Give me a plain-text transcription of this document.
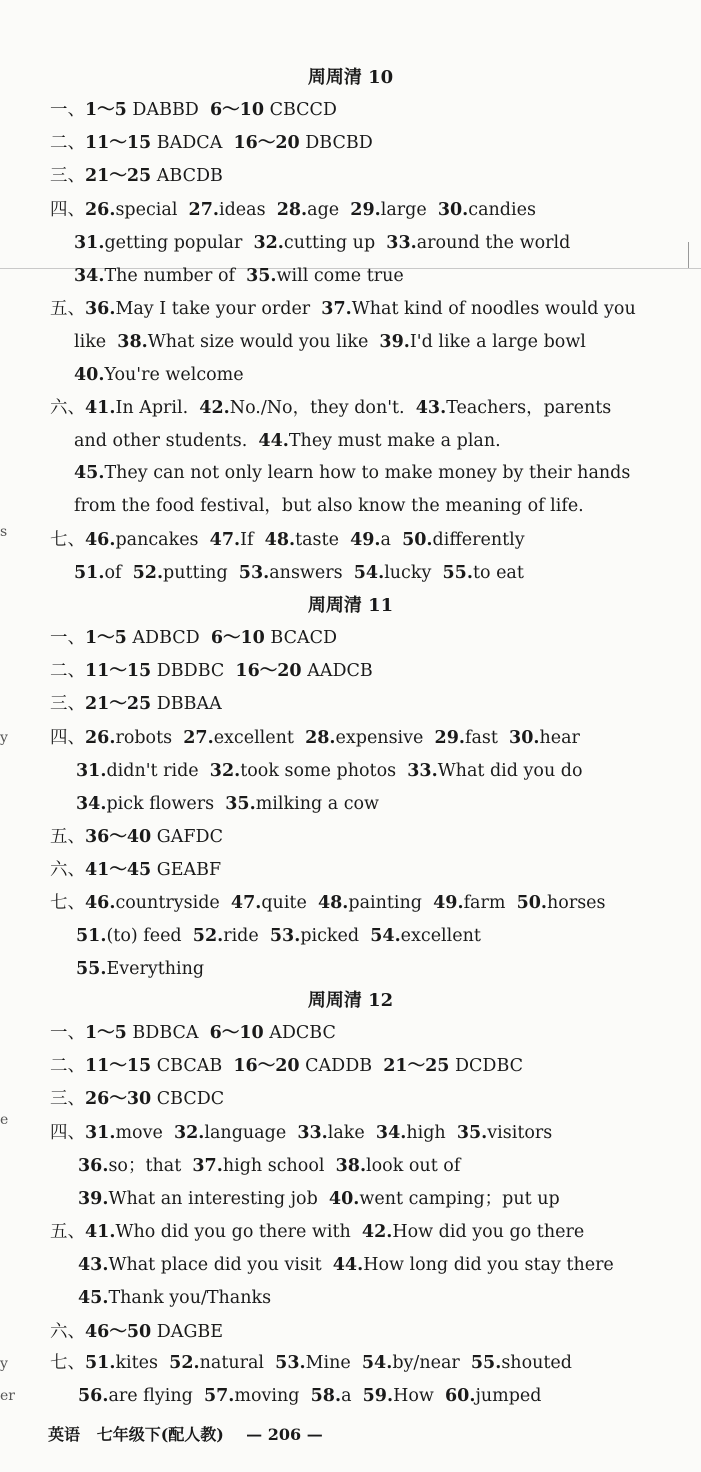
周周清 10
一、1～5 DABBD  6～10 CBCCD
二、11～15 BADCA  16～20 DBCBD
三、21～25 ABCDB
四、26.special  27.ideas  28.age  29.large  30.candies
31.getting popular  32.cutting up  33.around the world
34.The number of  35.will come true
五、36.May I take your order  37.What kind of noodles would you
like  38.What size would you like  39.I'd like a large bowl
40.You're welcome
六、41.In April.  42.No./No，they don't.  43.Teachers，parents
and other students.  44.They must make a plan.
45.They can not only learn how to make money by their hands
from the food festival，but also know the meaning of life.
七、46.pancakes  47.If  48.taste  49.a  50.differently
51.of  52.putting  53.answers  54.lucky  55.to eat
周周清 11
一、1～5 ADBCD  6～10 BCACD
二、11～15 DBDBC  16～20 AADCB
三、21～25 DBBAA
四、26.robots  27.excellent  28.expensive  29.fast  30.hear
31.didn't ride  32.took some photos  33.What did you do
34.pick flowers  35.milking a cow
五、36～40 GAFDC
六、41～45 GEABF
七、46.countryside  47.quite  48.painting  49.farm  50.horses
51.(to) feed  52.ride  53.picked  54.excellent
55.Everything
周周清 12
一、1～5 BDBCA  6～10 ADCBC
二、11～15 CBCAB  16～20 CADDB  21～25 DCDBC
三、26～30 CBCDC
四、31.move  32.language  33.lake  34.high  35.visitors
36.so；that  37.high school  38.look out of
39.What an interesting job  40.went camping；put up
五、41.Who did you go there with  42.How did you go there
43.What place did you visit  44.How long did you stay there
45.Thank you/Thanks
六、46～50 DAGBE
七、51.kites  52.natural  53.Mine  54.by/near  55.shouted
56.are flying  57.moving  58.a  59.How  60.jumped
s
y
e
y
er
英语 七年级下(配人教) — 206 —
